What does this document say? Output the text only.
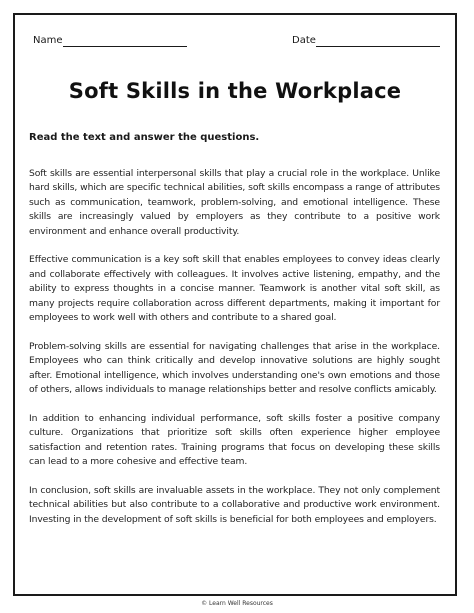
Name	Date
Soft Skills in the Workplace
Read the text and answer the questions.

Soft skills are essential interpersonal skills that play a crucial role in the workplace. Unlike hard skills, which are specific technical abilities, soft skills encompass a range of attributes such as communication, teamwork, problem-solving, and emotional intelligence. These skills are increasingly valued by employers as they contribute to a positive work environment and enhance overall productivity.

Effective communication is a key soft skill that enables employees to convey ideas clearly and collaborate effectively with colleagues. It involves active listening, empathy, and the ability to express thoughts in a concise manner. Teamwork is another vital soft skill, as many projects require collaboration across different departments, making it important for employees to work well with others and contribute to a shared goal.

Problem-solving skills are essential for navigating challenges that arise in the workplace. Employees who can think critically and develop innovative solutions are highly sought after. Emotional intelligence, which involves understanding one's own emotions and those of others, allows individuals to manage relationships better and resolve conflicts amicably.

In addition to enhancing individual performance, soft skills foster a positive company culture. Organizations that prioritize soft skills often experience higher employee satisfaction and retention rates. Training programs that focus on developing these skills can lead to a more cohesive and effective team.

In conclusion, soft skills are invaluable assets in the workplace. They not only complement technical abilities but also contribute to a collaborative and productive work environment. Investing in the development of soft skills is beneficial for both employees and employers.

© Learn Well Resources
